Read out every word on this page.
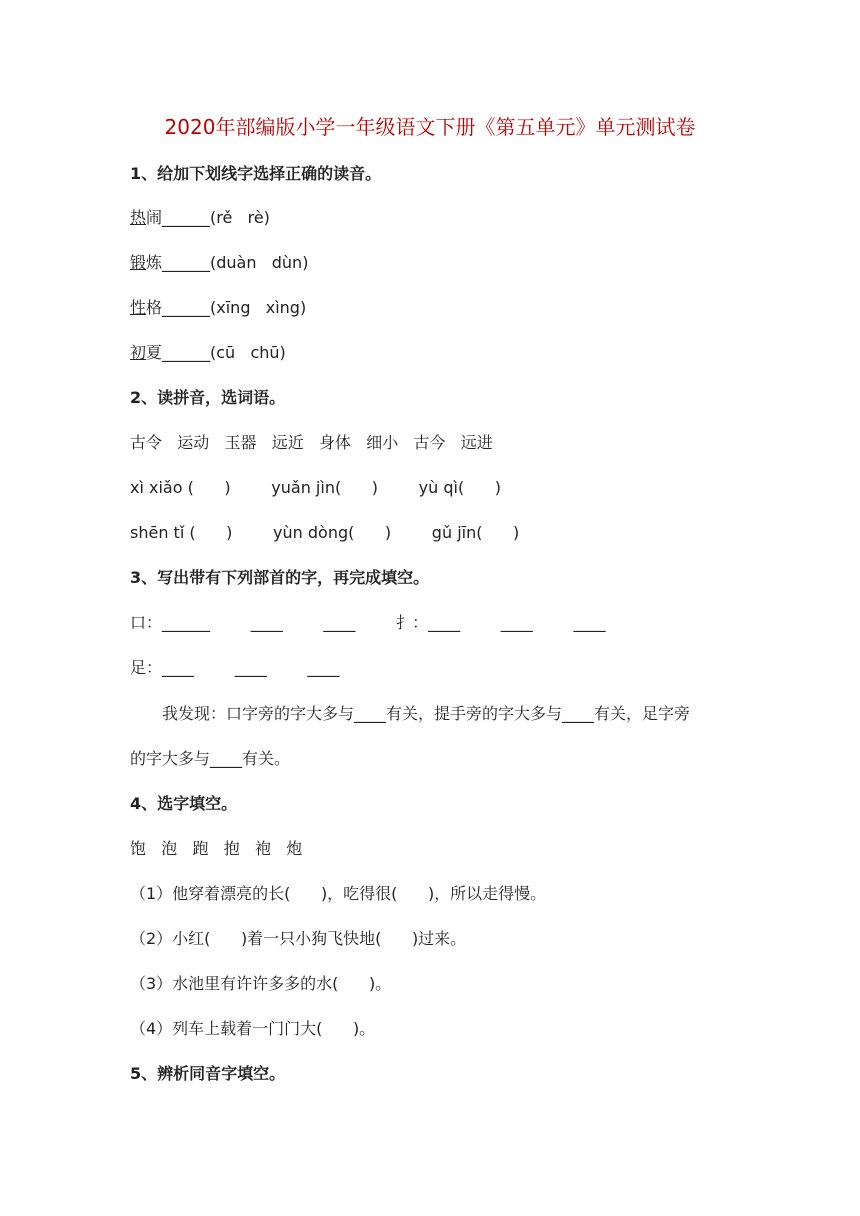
2020年部编版小学一年级语文下册《第五单元》单元测试卷
1、给加下划线字选择正确的读音。
热闹______(rě   rè)
锻炼______(duàn   dùn)
性格______(xīng   xìng)
初夏______(cū   chū)
2、读拼音，选词语。
古令   运动   玉器   远近   身体   细小   古今   远进
xì xiǎo (      )        yuǎn jìn(      )        yù qì(      )
shēn tǐ (      )        yùn dòng(      )        gǔ jīn(      )
3、写出带有下列部首的字，再完成填空。
口：______        ____        ____        扌：____        ____        ____
足：____        ____        ____
我发现：口字旁的字大多与____有关，提手旁的字大多与____有关，足字旁
的字大多与____有关。
4、选字填空。
饱   泡   跑   抱   袍   炮
（1）他穿着漂亮的长(      )，吃得很(      )，所以走得慢。
（2）小红(      )着一只小狗飞快地(      )过来。
（3）水池里有许许多多的水(      )。
（4）列车上载着一门门大(      )。
5、辨析同音字填空。
